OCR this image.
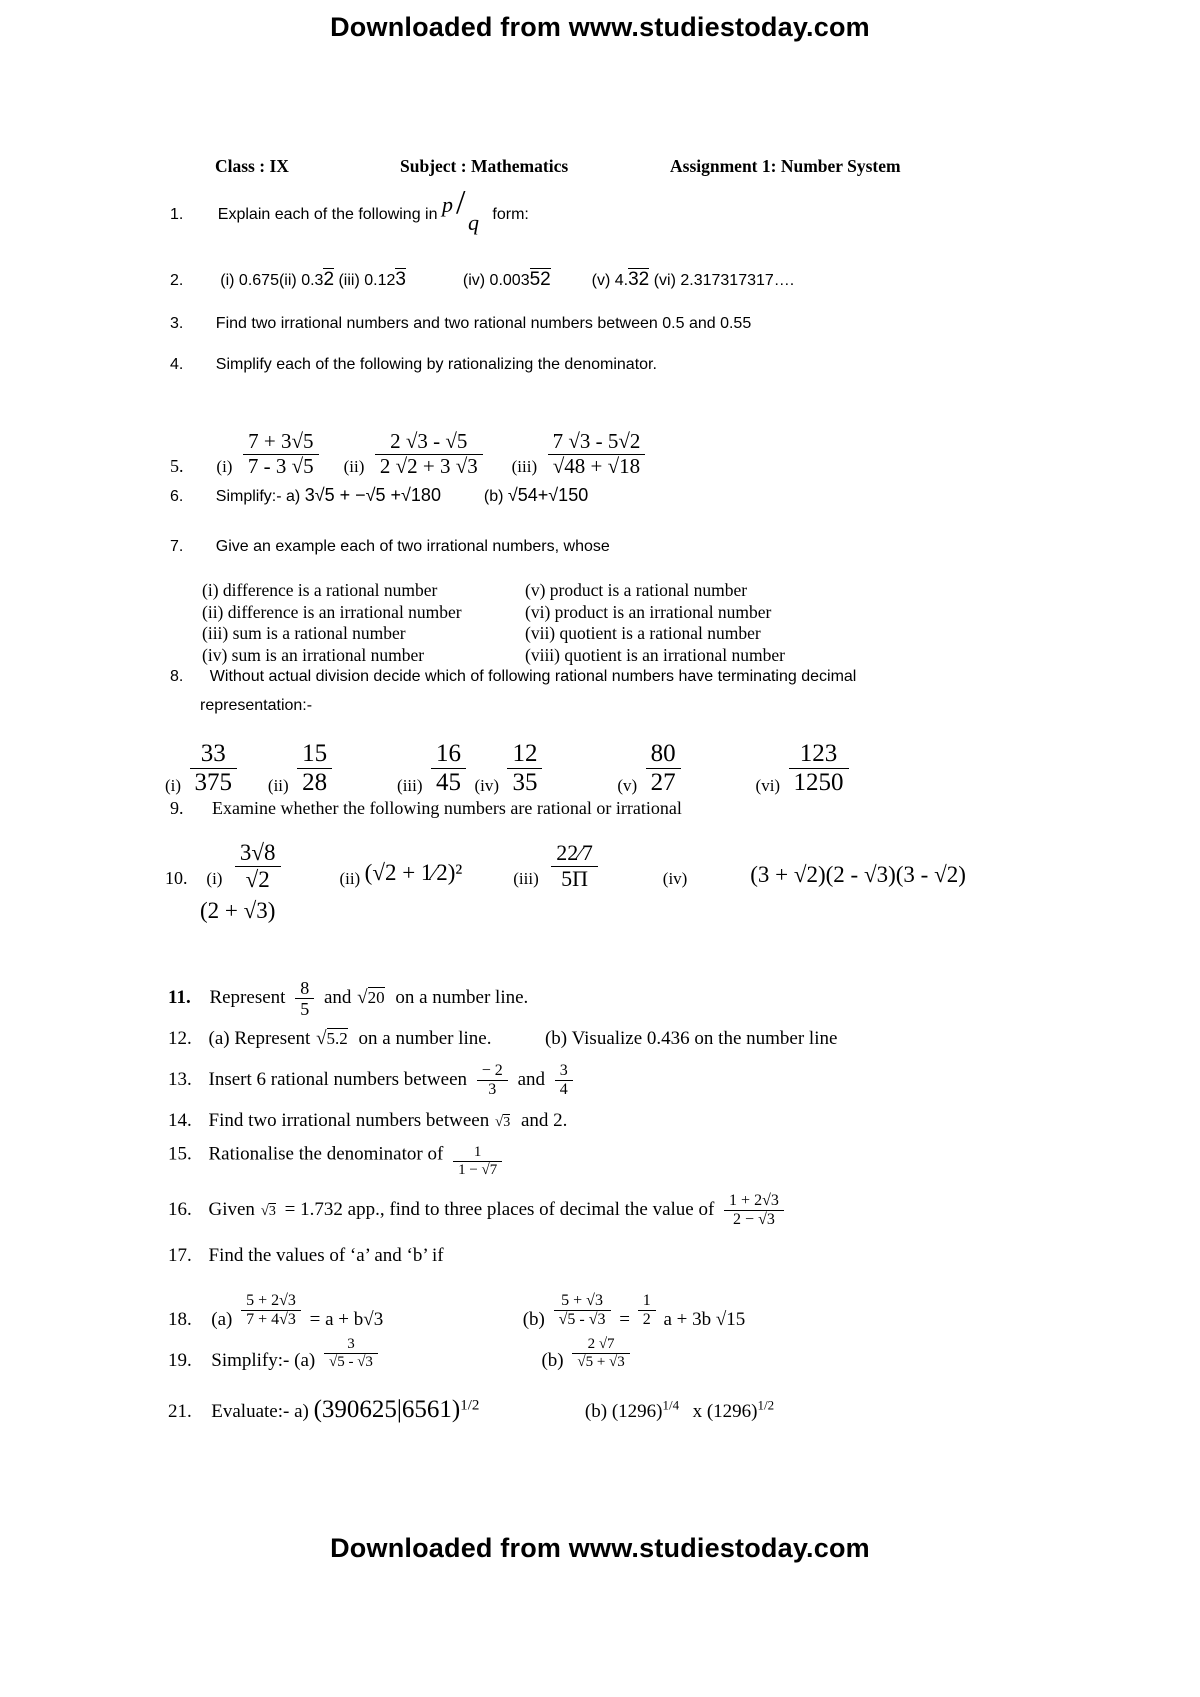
Downloaded from www.studiestoday.com
Downloaded from www.studiestoday.com
Class : IX	Subject : Mathematics	Assignment 1: Number System
1. Explain each of the following in p /
q form:
2. (i) 0.675(ii) 0.32 (iii) 0.123	(iv) 0.00352	(v) 4.32 (vi) 2.317317317….
3. Find two irrational numbers and two rational numbers between 0.5 and 0.55
4. Simplify each of the following by rationalizing the denominator.
5. $(i) \frac{7 + 3√5}{7 - 3 √5} (ii) \frac{2 √3 - √5}{2 √2 + 3 √3} (iii) \frac{7 √3 - 5√2}{√48 + √18}$
6. Simplify:- a) 3√5 + −√5 +√180	(b) √54+√150
7. Give an example each of two irrational numbers, whose
(i) difference is a rational number
(ii) difference is an irrational number
(iii) sum is a rational number
(iv) sum is an irrational number
(v) product is a rational number
(vi) product is an irrational number
(vii) quotient is a rational number
(viii) quotient is an irrational number
8. Without actual division decide which of following rational numbers have terminating decimal
representation:-
$(i) \frac{33}{375} (ii) \frac{15}{28}$	$(iii) \frac{16}{45} (iv) \frac{12}{35}$	$(v) \frac{80}{27}$	$(vi) \frac{123}{1250}$
9. Examine whether the following numbers are rational or irrational
10. $(i) \frac{3√8}{√2}$	(ii) (√2 + 1⁄2)²	$(iii) \frac{22⁄7}{5\Pi}$	(iv)	(3 + √2)(2 - √3)(3 - √2)
(2 + √3)
11. Represent $\frac{8}{5}$ and √20 on a number line.
12. (a) Represent √5.2 on a number line.	(b) Visualize 0.436 on the number line
13. Insert 6 rational numbers between $\frac{- 2}{3}$ and $\frac{3}{4}$
14. Find two irrational numbers between √3 and 2.
15. Rationalise the denominator of $\frac{1}{1 - √7}$
16. Given √3 = 1.732 app., find to three places of decimal the value of $\frac{1 + 2√3}{2 - √3}$
17. Find the values of ‘a’ and ‘b’ if
18. $(a) \frac{5 + 2√3}{7 + 4√3} = a + b√3$	$(b) \frac{5 + √3}{√5 - √3} = \frac{1}{2}$ a + 3b √15
19. Simplify:- $(a) \frac{3}{√5 - √3}$	$(b) \frac{2 √7}{√5 + √3}$
21. Evaluate:- a) $(390625|6561)^{1/2}$	(b) $(1296)^{1/4}$ x $(1296)^{1/2}$
